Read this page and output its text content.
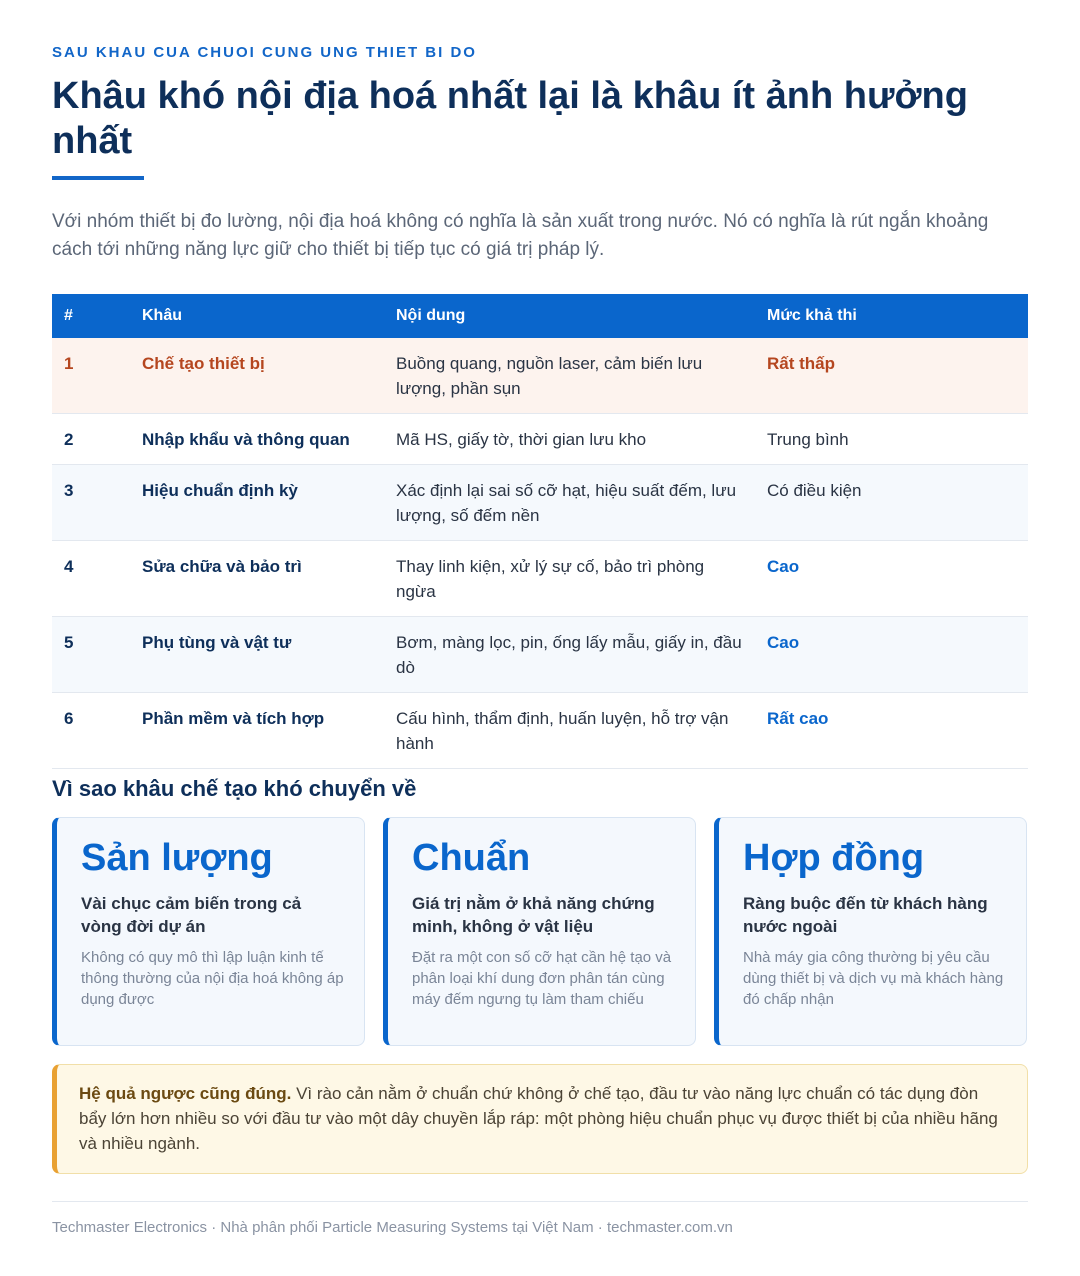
SAU KHAU CUA CHUOI CUNG UNG THIET BI DO
Khâu khó nội địa hoá nhất lại là khâu ít ảnh hưởng nhất

Với nhóm thiết bị đo lường, nội địa hoá không có nghĩa là sản xuất trong nước. Nó có nghĩa là rút ngắn khoảng cách tới những năng lực giữ cho thiết bị tiếp tục có giá trị pháp lý.

#	Khâu	Nội dung	Mức khả thi
1	Chế tạo thiết bị	Buồng quang, nguồn laser, cảm biến lưu lượng, phần sụn	Rất thấp
2	Nhập khẩu và thông quan	Mã HS, giấy tờ, thời gian lưu kho	Trung bình
3	Hiệu chuẩn định kỳ	Xác định lại sai số cỡ hạt, hiệu suất đếm, lưu lượng, số đếm nền	Có điều kiện
4	Sửa chữa và bảo trì	Thay linh kiện, xử lý sự cố, bảo trì phòng ngừa	Cao
5	Phụ tùng và vật tư	Bơm, màng lọc, pin, ống lấy mẫu, giấy in, đầu dò	Cao
6	Phần mềm và tích hợp	Cấu hình, thẩm định, huấn luyện, hỗ trợ vận hành	Rất cao
Vì sao khâu chế tạo khó chuyển về
Sản lượng
Vài chục cảm biến trong cả vòng đời dự án
Không có quy mô thì lập luận kinh tế thông thường của nội địa hoá không áp dụng được
Chuẩn
Giá trị nằm ở khả năng chứng minh, không ở vật liệu
Đặt ra một con số cỡ hạt cần hệ tạo và phân loại khí dung đơn phân tán cùng máy đếm ngưng tụ làm tham chiếu
Hợp đồng
Ràng buộc đến từ khách hàng nước ngoài
Nhà máy gia công thường bị yêu cầu dùng thiết bị và dịch vụ mà khách hàng đó chấp nhận
Hệ quả ngược cũng đúng. Vì rào cản nằm ở chuẩn chứ không ở chế tạo, đầu tư vào năng lực chuẩn có tác dụng đòn bẩy lớn hơn nhiều so với đầu tư vào một dây chuyền lắp ráp: một phòng hiệu chuẩn phục vụ được thiết bị của nhiều hãng và nhiều ngành.
Techmaster Electronics · Nhà phân phối Particle Measuring Systems tại Việt Nam · techmaster.com.vn
